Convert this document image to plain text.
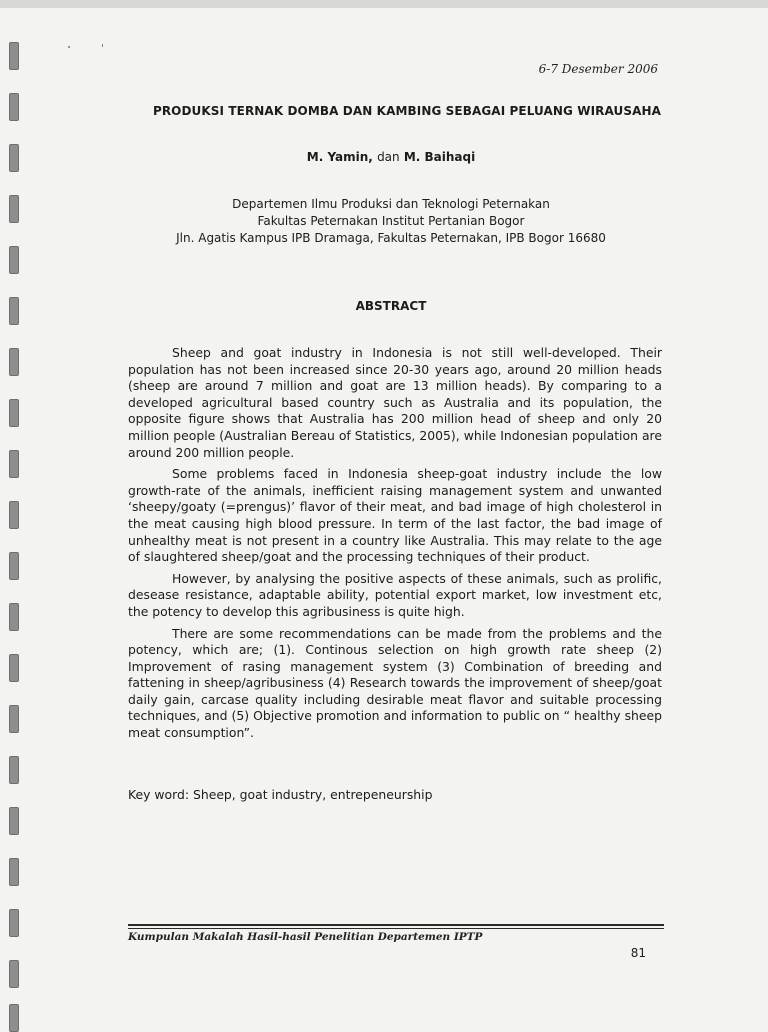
6-7 Desember 2006
PRODUKSI TERNAK DOMBA DAN KAMBING SEBAGAI PELUANG WIRAUSAHA
M. Yamin, dan M. Baihaqi
Departemen Ilmu Produksi dan Teknologi Peternakan
Fakultas Peternakan Institut Pertanian Bogor
Jln. Agatis Kampus IPB Dramaga, Fakultas Peternakan, IPB Bogor 16680
ABSTRACT

Sheep and goat industry in Indonesia is not still well-developed. Their population has not been increased since 20-30 years ago, around 20 million heads (sheep are around 7 million and goat are 13 million heads). By comparing to a developed agricultural based country such as Australia and its population, the opposite figure shows that Australia has 200 million head of sheep and only 20 million people (Australian Bereau of Statistics, 2005), while Indonesian population are around 200 million people.

Some problems faced in Indonesia sheep-goat industry include the low growth-rate of the animals, inefficient raising management system and unwanted ‘sheepy/goaty (=prengus)’ flavor of their meat, and bad image of high cholesterol in the meat causing high blood pressure. In term of the last factor, the bad image of unhealthy meat is not present in a country like Australia. This may relate to the age of slaughtered sheep/goat and the processing techniques of their product.

However, by analysing the positive aspects of these animals, such as prolific, desease resistance, adaptable ability, potential export market, low investment etc, the potency to develop this agribusiness is quite high.

There are some recommendations can be made from the problems and the potency, which are; (1). Continous selection on high growth rate sheep (2) Improvement of rasing management system (3) Combination of breeding and fattening in sheep/agribusiness (4) Research towards the improvement of sheep/goat daily gain, carcase quality including desirable meat flavor and suitable processing techniques, and (5) Objective promotion and information to public on “ healthy sheep meat consumption”.

Key word: Sheep, goat industry, entrepeneurship
Kumpulan Makalah Hasil-hasil Penelitian Departemen IPTP
81
